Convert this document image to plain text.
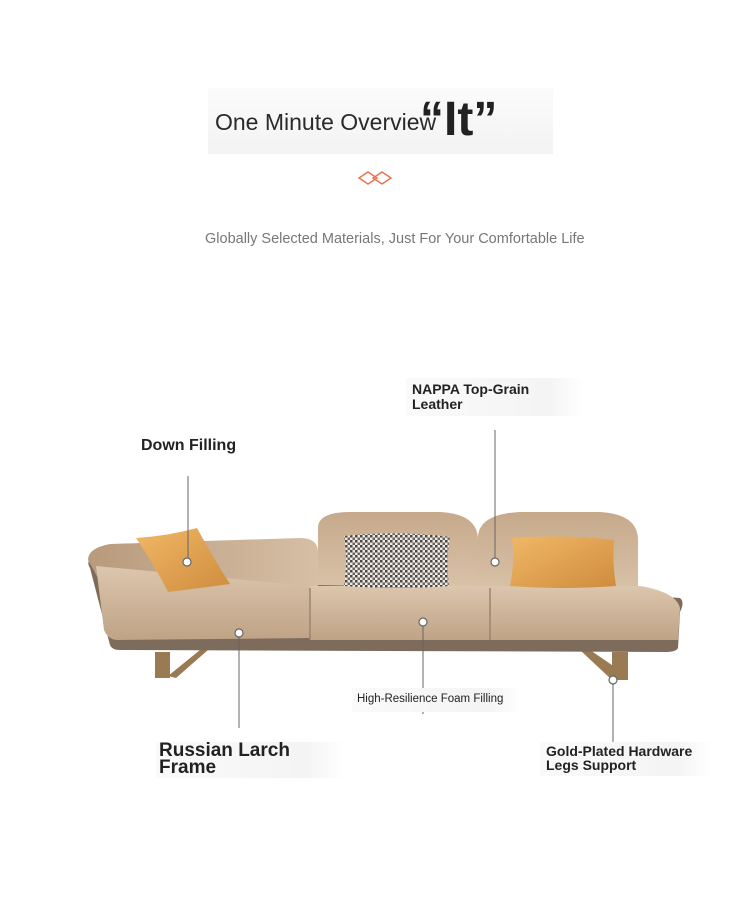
One Minute Overview
“It”
Globally Selected Materials, Just For Your Comfortable Life
NAPPA Top-Grain
Leather
Down Filling
High-Resilience Foam Filling
Russian Larch
Frame
Gold-Plated Hardware
Legs Support
